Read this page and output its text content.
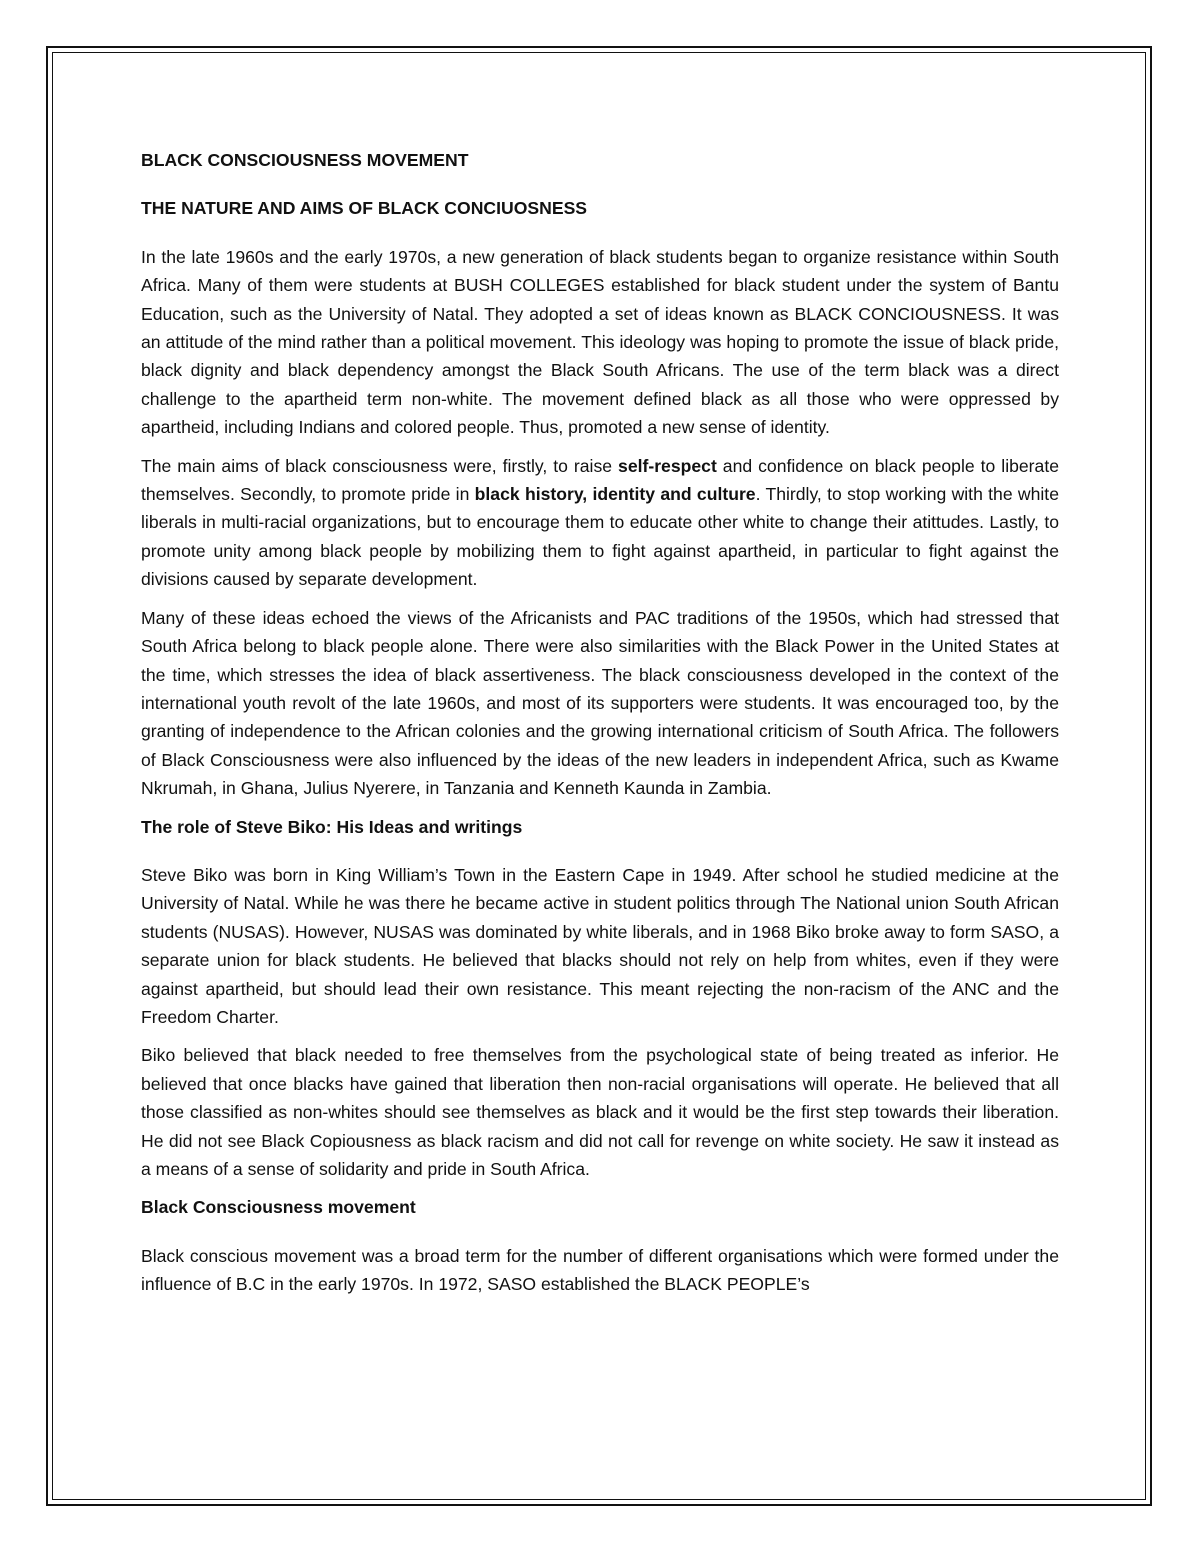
BLACK CONSCIOUSNESS MOVEMENT

THE NATURE AND AIMS OF BLACK CONCIUOSNESS

In the late 1960s and the early 1970s, a new generation of black students began to organize resistance within South Africa. Many of them were students at BUSH COLLEGES established for black student under the system of Bantu Education, such as the University of Natal. They adopted a set of ideas known as BLACK CONCIOUSNESS. It was an attitude of the mind rather than a political movement. This ideology was hoping to promote the issue of black pride, black dignity and black dependency amongst the Black South Africans. The use of the term black was a direct challenge to the apartheid term non-white. The movement defined black as all those who were oppressed by apartheid, including Indians and colored people. Thus, promoted a new sense of identity.

The main aims of black consciousness were, firstly, to raise self-respect and confidence on black people to liberate themselves. Secondly, to promote pride in black history, identity and culture. Thirdly, to stop working with the white liberals in multi-racial organizations, but to encourage them to educate other white to change their atittudes. Lastly, to promote unity among black people by mobilizing them to fight against apartheid, in particular to fight against the divisions caused by separate development.

Many of these ideas echoed the views of the Africanists and PAC traditions of the 1950s, which had stressed that South Africa belong to black people alone. There were also similarities with the Black Power in the United States at the time, which stresses the idea of black assertiveness. The black consciousness developed in the context of the international youth revolt of the late 1960s, and most of its supporters were students. It was encouraged too, by the granting of independence to the African colonies and the growing international criticism of South Africa. The followers of Black Consciousness were also influenced by the ideas of the new leaders in independent Africa, such as Kwame Nkrumah, in Ghana, Julius Nyerere, in Tanzania and Kenneth Kaunda in Zambia.

The role of Steve Biko: His Ideas and writings

Steve Biko was born in King William’s Town in the Eastern Cape in 1949. After school he studied medicine at the University of Natal. While he was there he became active in student politics through The National union South African students (NUSAS). However, NUSAS was dominated by white liberals, and in 1968 Biko broke away to form SASO, a separate union for black students. He believed that blacks should not rely on help from whites, even if they were against apartheid, but should lead their own resistance. This meant rejecting the non-racism of the ANC and the Freedom Charter.

Biko believed that black needed to free themselves from the psychological state of being treated as inferior. He believed that once blacks have gained that liberation then non-racial organisations will operate. He believed that all those classified as non-whites should see themselves as black and it would be the first step towards their liberation. He did not see Black Copiousness as black racism and did not call for revenge on white society. He saw it instead as a means of a sense of solidarity and pride in South Africa.

Black Consciousness movement

Black conscious movement was a broad term for the number of different organisations which were formed under the influence of B.C in the early 1970s. In 1972, SASO established the BLACK PEOPLE’s
